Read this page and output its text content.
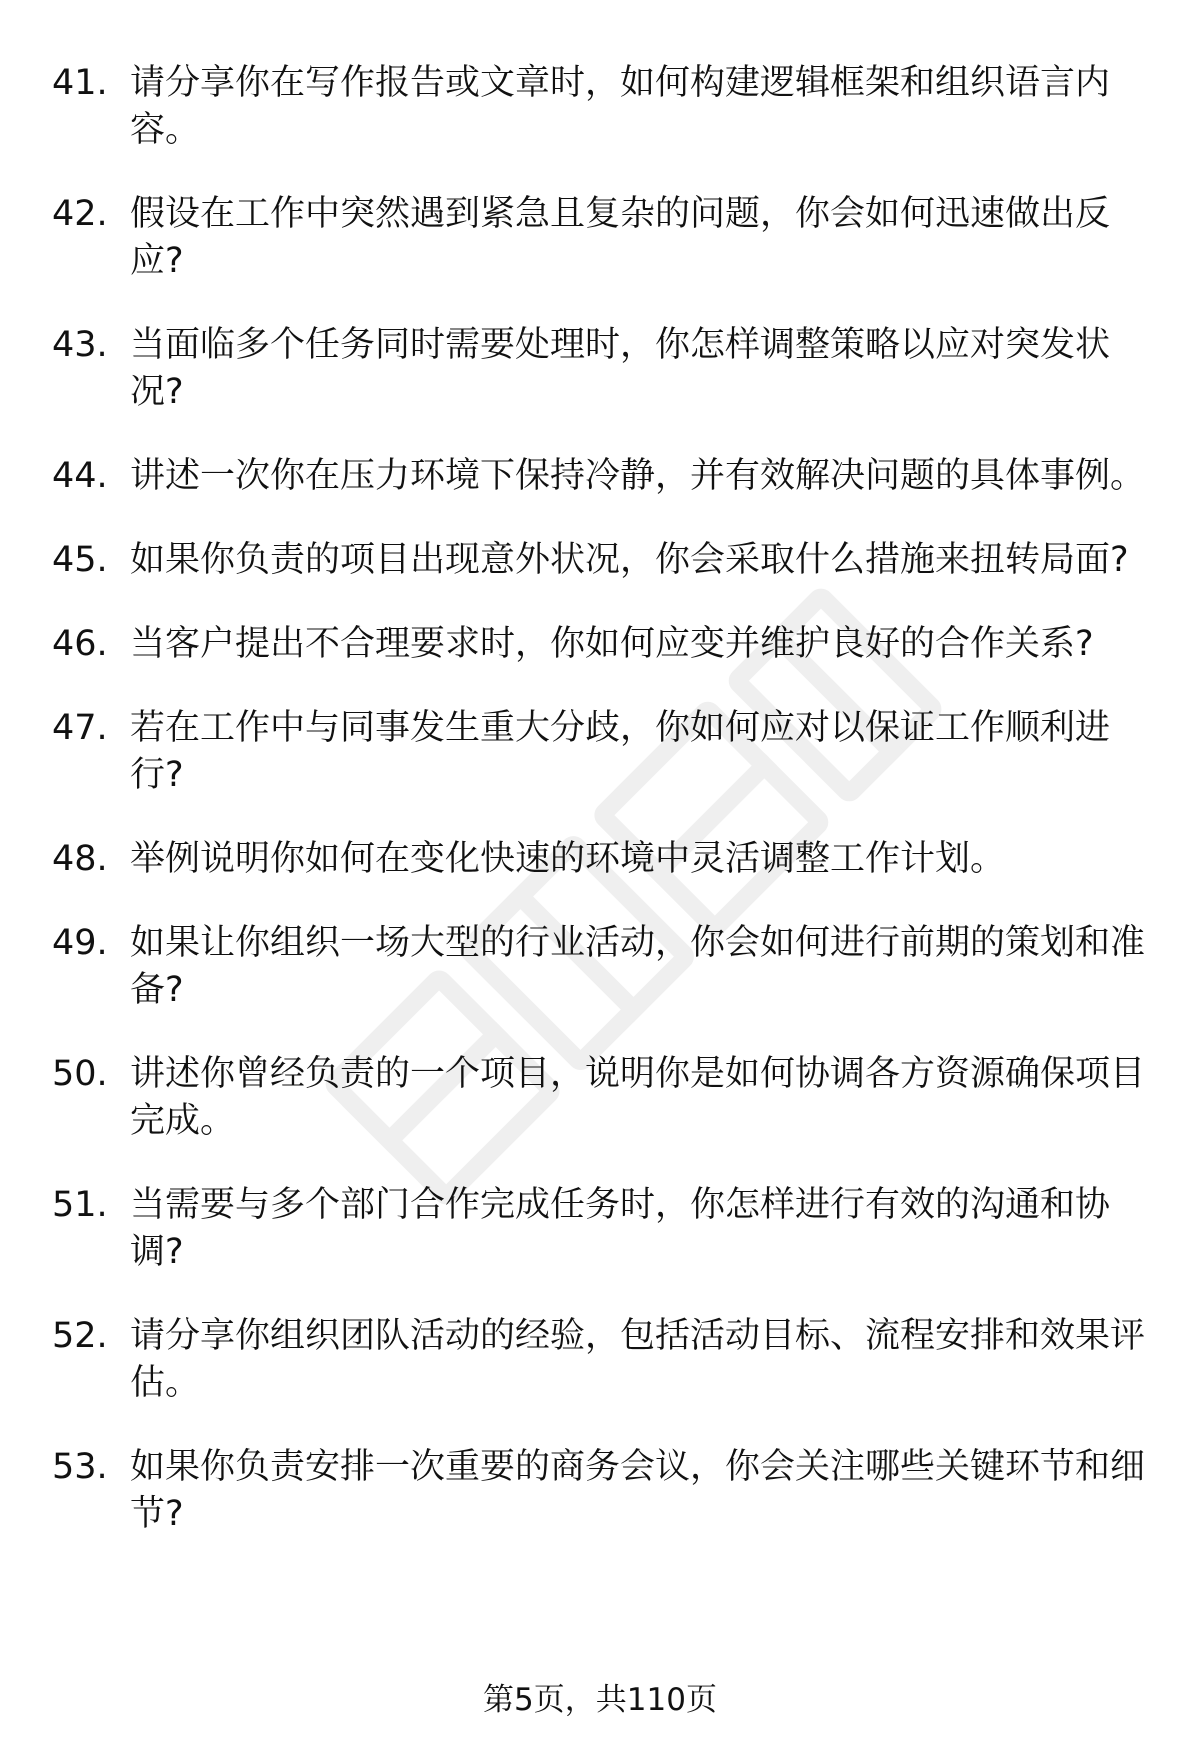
41. 请分享你在写作报告或文章时，如何构建逻辑框架和组织语言内容。
42. 假设在工作中突然遇到紧急且复杂的问题，你会如何迅速做出反应?
43. 当面临多个任务同时需要处理时，你怎样调整策略以应对突发状况?
44. 讲述一次你在压力环境下保持冷静，并有效解决问题的具体事例。
45. 如果你负责的项目出现意外状况，你会采取什么措施来扭转局面?
46. 当客户提出不合理要求时，你如何应变并维护良好的合作关系?
47. 若在工作中与同事发生重大分歧，你如何应对以保证工作顺利进行?
48. 举例说明你如何在变化快速的环境中灵活调整工作计划。
49. 如果让你组织一场大型的行业活动，你会如何进行前期的策划和准备?
50. 讲述你曾经负责的一个项目，说明你是如何协调各方资源确保项目完成。
51. 当需要与多个部门合作完成任务时，你怎样进行有效的沟通和协调?
52. 请分享你组织团队活动的经验，包括活动目标、流程安排和效果评估。
53. 如果你负责安排一次重要的商务会议，你会关注哪些关键环节和细节?
第5页，共110页
